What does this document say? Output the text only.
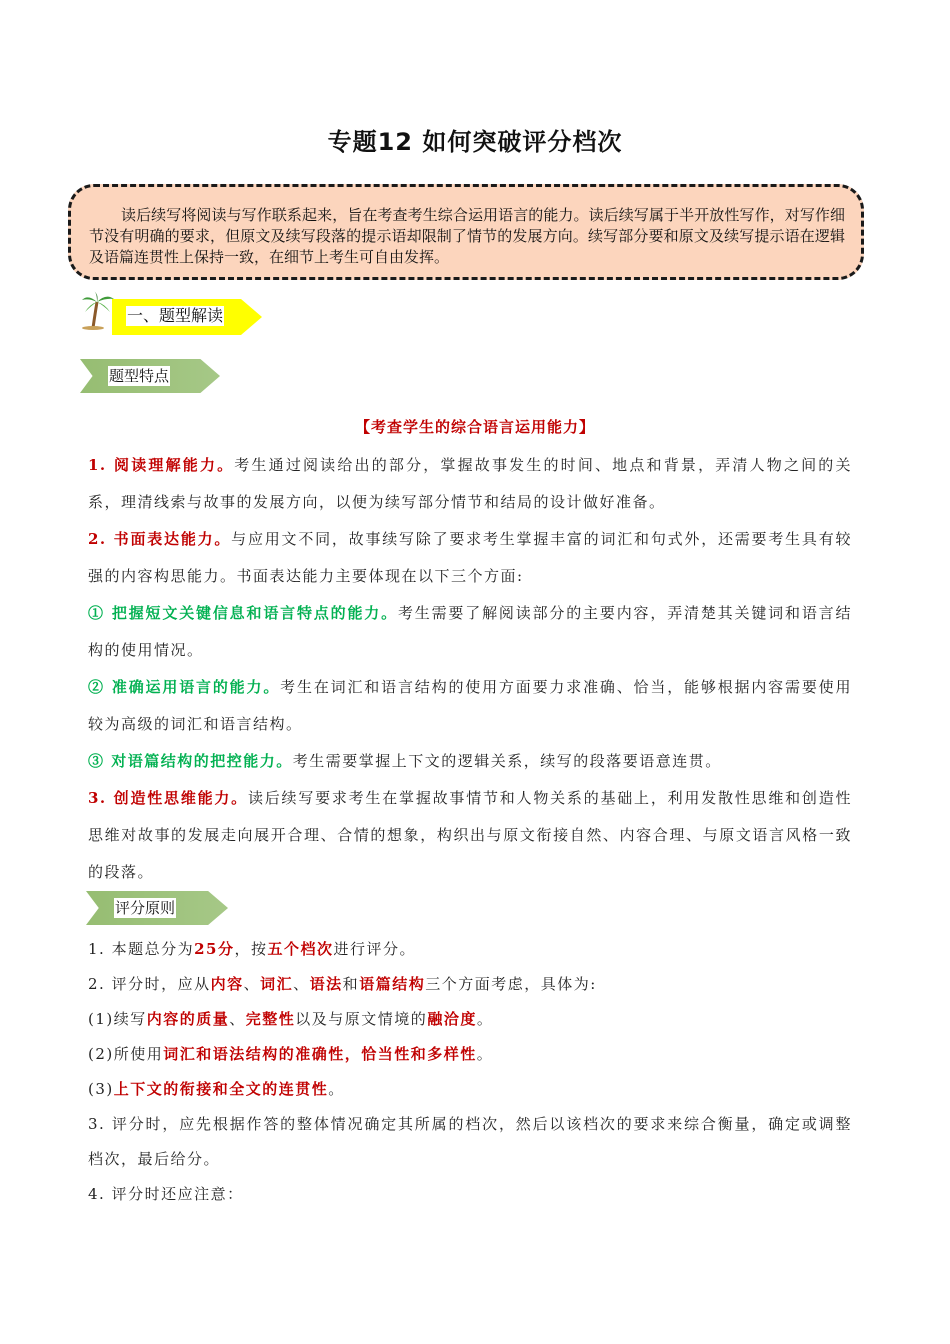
专题12 如何突破评分档次

读后续写将阅读与写作联系起来，旨在考查考生综合运用语言的能力。读后续写属于半开放性写作，对写作细节没有明确的要求，但原文及续写段落的提示语却限制了情节的发展方向。续写部分要和原文及续写提示语在逻辑及语篇连贯性上保持一致，在细节上考生可自由发挥。

一、题型解读
题型特点
【考查学生的综合语言运用能力】

1. 阅读理解能力。考生通过阅读给出的部分，掌握故事发生的时间、地点和背景，弄清人物之间的关系，理清线索与故事的发展方向，以便为续写部分情节和结局的设计做好准备。

2. 书面表达能力。与应用文不同，故事续写除了要求考生掌握丰富的词汇和句式外，还需要考生具有较强的内容构思能力。书面表达能力主要体现在以下三个方面:

① 把握短文关键信息和语言特点的能力。考生需要了解阅读部分的主要内容，弄清楚其关键词和语言结构的使用情况。

② 准确运用语言的能力。考生在词汇和语言结构的使用方面要力求准确、恰当，能够根据内容需要使用较为高级的词汇和语言结构。

③ 对语篇结构的把控能力。考生需要掌握上下文的逻辑关系，续写的段落要语意连贯。

3. 创造性思维能力。读后续写要求考生在掌握故事情节和人物关系的基础上，利用发散性思维和创造性思维对故事的发展走向展开合理、合情的想象，构织出与原文衔接自然、内容合理、与原文语言风格一致的段落。

评分原则

1. 本题总分为25分，按五个档次进行评分。

2. 评分时，应从内容、词汇、语法和语篇结构三个方面考虑，具体为:

(1)续写内容的质量、完整性以及与原文情境的融洽度。

(2)所使用词汇和语法结构的准确性，恰当性和多样性。

(3)上下文的衔接和全文的连贯性。

3. 评分时，应先根据作答的整体情况确定其所属的档次，然后以该档次的要求来综合衡量，确定或调整档次，最后给分。

4. 评分时还应注意：
